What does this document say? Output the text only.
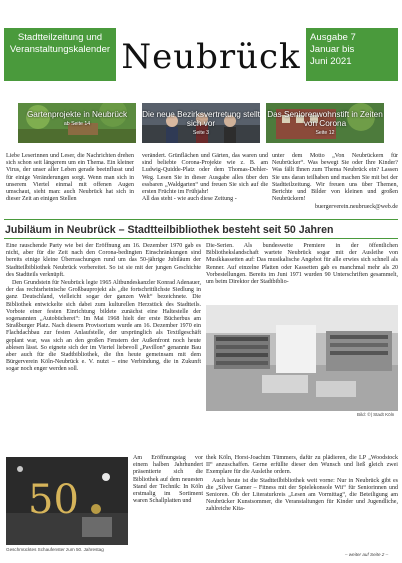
Stadtteilzeitung und Veranstaltungskalender Neubrück Ausgabe 7
Januar bis
Juni 2021
Gartenprojekte in Neubrück
ab Seite 14
Die neue Bezirksvertretung stellt sich vor
Seite 3
Das Seniorenwohnstift in Zeiten von Corona
Seite 12
Liebe Leserinnen und Leser, die Nachrichten drehen sich schon seit längerem um ein Thema. Ein kleiner Virus, der unser aller Leben gerade beeinflusst und für einige Veränderungen sorgt. Wenn man sich in unserem Viertel einmal mit offenen Augen umschaut, sieht man: auch Neubrück hat sich in dieser Zeit an einigen Stellen
verändert. Grünflächen und Gärten, das waren und sind beliebte Corona-Projekte wie z. B. am Ludwig-Quidde-Platz oder dem Thomas-Dehler-Weg. Lesen Sie in dieser Ausgabe alles über den essbaren „Waldgarten“ und freuen Sie sich auf die ersten Früchte im Frühjahr!
All das steht - wie auch diese Zeitung -
unter dem Motto „Von Neubrückern für Neubrücker“. Was bewegt Sie oder Ihre Kinder? Was fällt Ihnen zum Thema Neubrück ein? Lassen Sie uns daran teilhaben und machen Sie mit bei der Stadtteilzeitung. Wir freuen uns über Themen, Berichte und Bilder von kleinen und großen Neubrückern!
buergerverein.neubrueck@web.de
Jubiläum in Neubrück – Stadtteilbibliothek besteht seit 50 Jahren
Eine rauschende Party wie bei der Eröffnung am 16. Dezember 1970 gab es nicht, aber für die Zeit nach den Corona-bedingten Einschränkungen sind bereits einige kleine Überraschungen rund um das 50-jährige Jubiläum der Stadtteilbibliothek Neubrück vorbereitet. So ist sie mit der jungen Geschichte des Stadtteils verknüpft.
Den Grundstein für Neubrück legte 1965 Altbundeskanzler Konrad Adenauer, der das rechtsrheinische Großbauprojekt als „die fortschrittlichste Siedlung in ganz Deutschland, vielleicht sogar der ganzen Welt“ bezeichnete. Die Bibliothek entwickelte sich dabei zum kulturellen Herzstück des Stadtteils. Vorbote einer festen Einrichtung bildete zunächst eine Haltestelle der sogenannten „Autobücherei“: Im Mai 1968 hielt der erste Bücherbus am Straßburger Platz. Nach diesem Provisorium wurde am 16. Dezember 1970 ein Flachdachbau zur festen Anlaufstelle, der ursprünglich als Textilgeschäft geplant war, was sich an den großen Fenstern der Außenfront noch heute ablesen lässt. So eignete sich der im Viertel liebevoll „Pavillon“ genannte Bau aber auch für die Stadtbibliothek, die ihn heute gemeinsam mit dem Bürgerverein Köln-Neubrück e. V. nutzt – eine Verbindung, die in Zukunft sogar noch enger werden soll.
Die-Serien. Als bundesweite Premiere in der öffentlichen Bibliothekslandschaft wartete Neubrück sogar mit der Ausleihe von Musikkassetten auf: Das musikalische Angebot für alle erwies sich schnell als Renner. Auf einzelne Platten oder Kassetten gab es manchmal mehr als 20 Vorbestellungen. Bereits im Juni 1971 wurden 90 Unterschriften gesammelt, um beim Direktor der Stadtbiblio-
Bild: ©| Stadt Köln
50
Geschmücktes Schaufenster zum 50. Jahrestag
Am Eröffnungstag vor einem halben Jahrhundert präsentierte sich die Bibliothek auf dem neuesten Stand der Technik: In Köln erstmalig im Sortiment waren Schallplatten und
thek Köln, Horst-Joachim Tümmers, dafür zu plädieren, die LP „Woodstock II“ anzuschaffen. Gerne erfüllte dieser den Wunsch und ließ gleich zwei Exemplare für die Ausleihe ordern.
Auch heute ist die Stadtteilbibliothek weit vorne: Nur in Neubrück gibt es die „Silver Gamer – Fitness mit der Spielekonsole Wii“ für Seniorinnen und Senioren. Ob der Literaturkreis „Lesen am Vormittag“, die Beteiligung am Neubrücker Kunstsommer, die Veranstaltungen für Kinder und Jugendliche, zahlreiche Kita-
– weiter auf Seite 2 –
